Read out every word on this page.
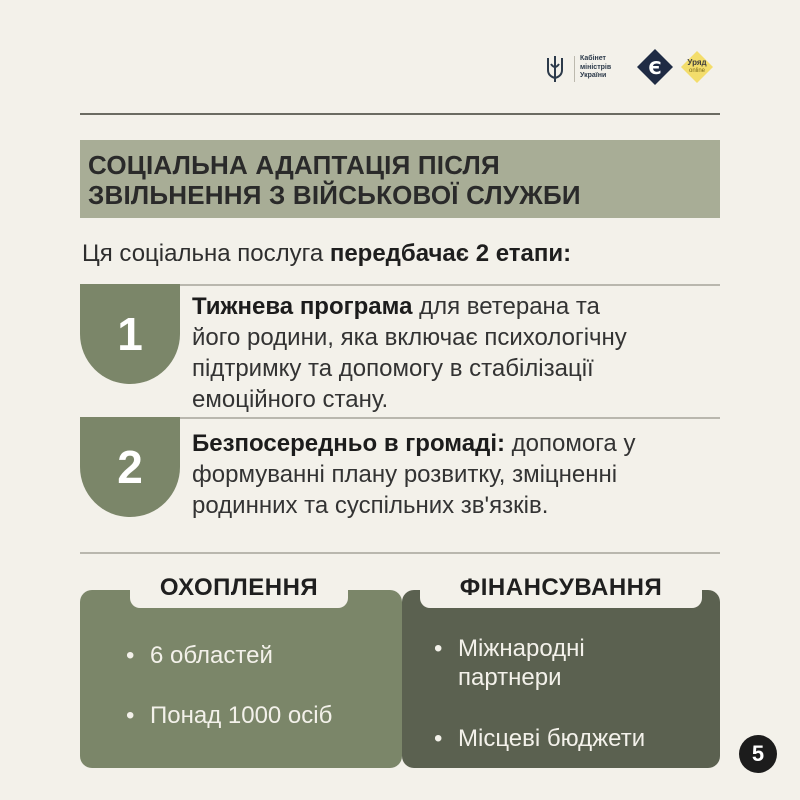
Кабінет
міністрів
України	Є	Уряд
online
СОЦІАЛЬНА АДАПТАЦІЯ ПІСЛЯ
ЗВІЛЬНЕННЯ З ВІЙСЬКОВОЇ СЛУЖБИ
Ця соціальна послуга передбачає 2 етапи:
1
Тижнева програма для ветерана та
його родини, яка включає психологічну
підтримку та допомогу в стабілізації
емоційного стану.
2	Безпосередньо в громаді: допомога у
формуванні плану розвитку, зміцненні
родинних та суспільних зв'язків.
ОХОПЛЕННЯ	ФІНАНСУВАННЯ
• 6 областей
• Понад 1000 осіб
• Міжнародні
партнери
• Місцеві бюджети
5
